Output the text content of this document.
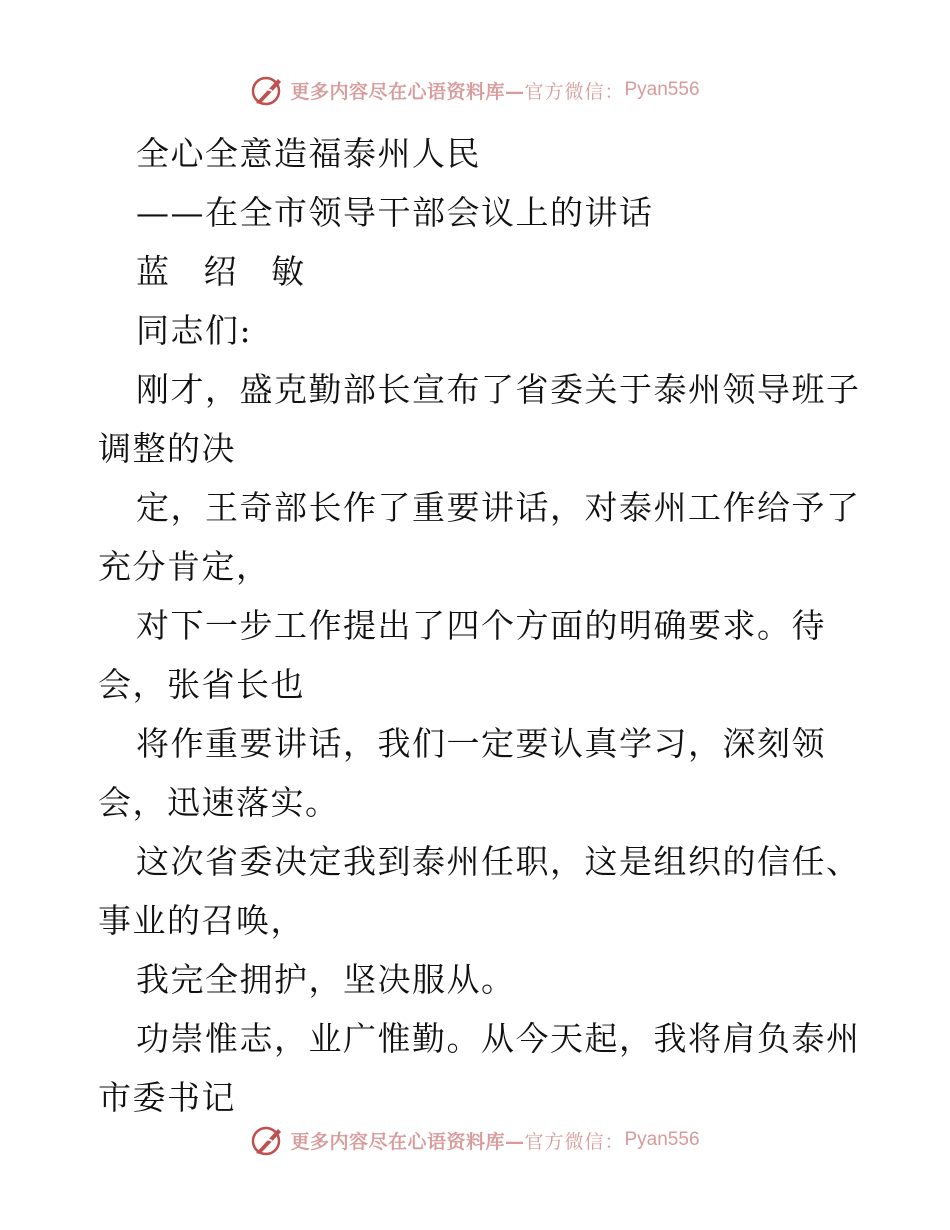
更多内容尽在心语资料库— 官方微信： Pyan556
全心全意造福泰州人民
——在全市领导干部会议上的讲话
蓝 绍 敏
同志们:
刚才，盛克勤部长宣布了省委关于泰州领导班子
调整的决
定，王奇部长作了重要讲话，对泰州工作给予了
充分肯定，
对下一步工作提出了四个方面的明确要求。待
会，张省长也
将作重要讲话，我们一定要认真学习，深刻领
会，迅速落实。
这次省委决定我到泰州任职，这是组织的信任、
事业的召唤，
我完全拥护，坚决服从。
功崇惟志，业广惟勤。从今天起，我将肩负泰州
市委书记
更多内容尽在心语资料库— 官方微信： Pyan556
